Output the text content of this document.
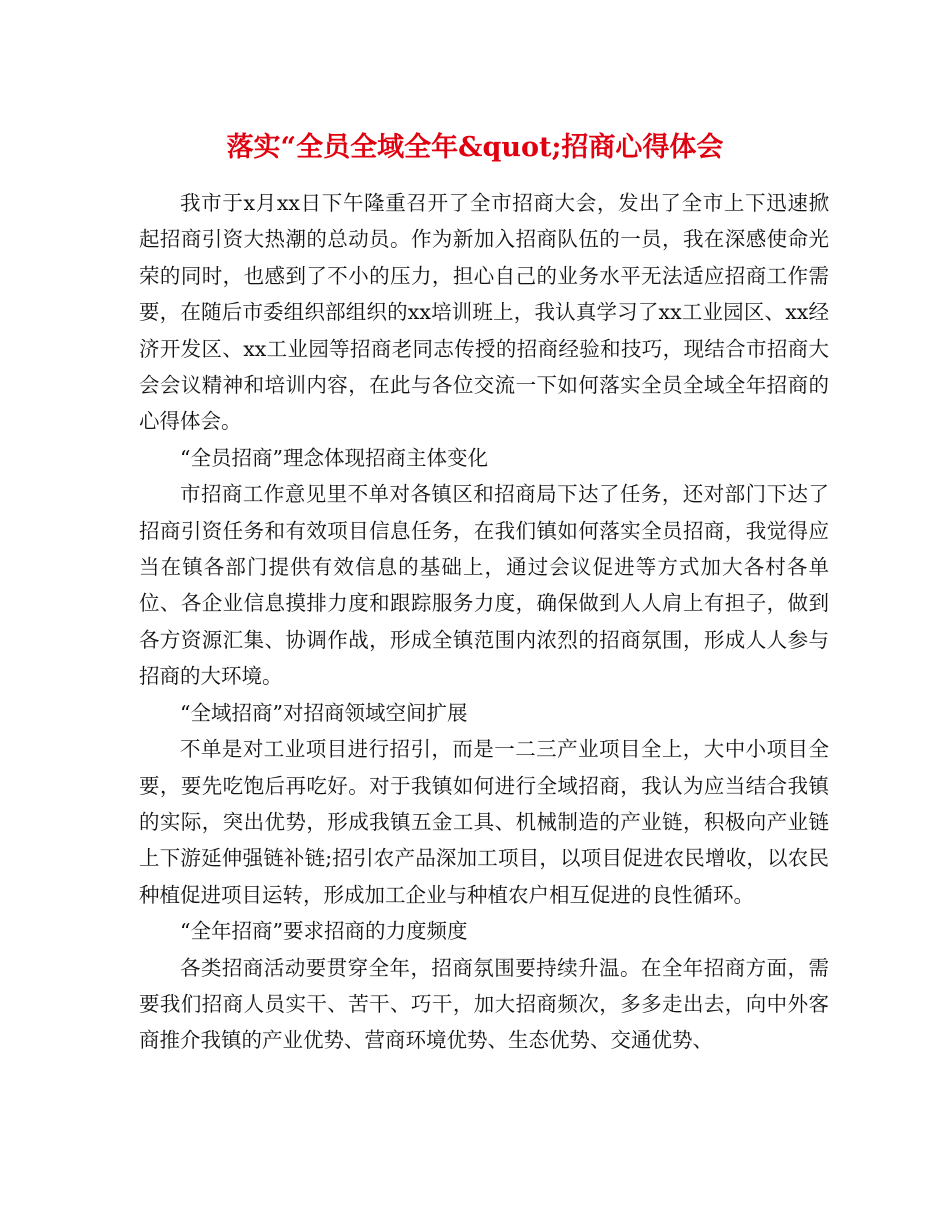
落实“全员全域全年&quot;招商心得体会

我市于x月xx日下午隆重召开了全市招商大会，发出了全市上下迅速掀起招商引资大热潮的总动员。作为新加入招商队伍的一员，我在深感使命光荣的同时，也感到了不小的压力，担心自己的业务水平无法适应招商工作需要，在随后市委组织部组织的xx培训班上，我认真学习了xx工业园区、xx经济开发区、xx工业园等招商老同志传授的招商经验和技巧，现结合市招商大会会议精神和培训内容，在此与各位交流一下如何落实全员全域全年招商的心得体会。

“全员招商”理念体现招商主体变化

市招商工作意见里不单对各镇区和招商局下达了任务，还对部门下达了招商引资任务和有效项目信息任务，在我们镇如何落实全员招商，我觉得应当在镇各部门提供有效信息的基础上，通过会议促进等方式加大各村各单位、各企业信息摸排力度和跟踪服务力度，确保做到人人肩上有担子，做到各方资源汇集、协调作战，形成全镇范围内浓烈的招商氛围，形成人人参与招商的大环境。

“全域招商”对招商领域空间扩展

不单是对工业项目进行招引，而是一二三产业项目全上，大中小项目全要，要先吃饱后再吃好。对于我镇如何进行全域招商，我认为应当结合我镇的实际，突出优势，形成我镇五金工具、机械制造的产业链，积极向产业链上下游延伸强链补链;招引农产品深加工项目，以项目促进农民增收，以农民种植促进项目运转，形成加工企业与种植农户相互促进的良性循环。

“全年招商”要求招商的力度频度

各类招商活动要贯穿全年，招商氛围要持续升温。在全年招商方面，需要我们招商人员实干、苦干、巧干，加大招商频次，多多走出去，向中外客商推介我镇的产业优势、营商环境优势、生态优势、交通优势、
